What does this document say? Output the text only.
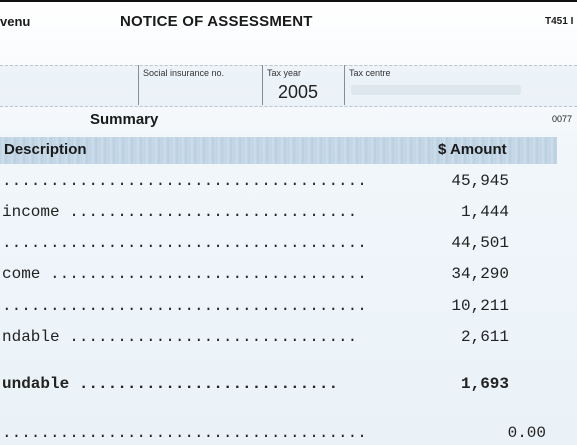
venu	NOTICE OF ASSESSMENT	T451 I
Social insurance no.	Tax year
2005
Tax centre
Summary	0077
Description	$ Amount
......................................	45,945
income ..............................	1,444
......................................	44,501
come .................................	34,290
......................................	10,211
ndable ..............................	2,611
undable ...........................	1,693
......................................	0.00
